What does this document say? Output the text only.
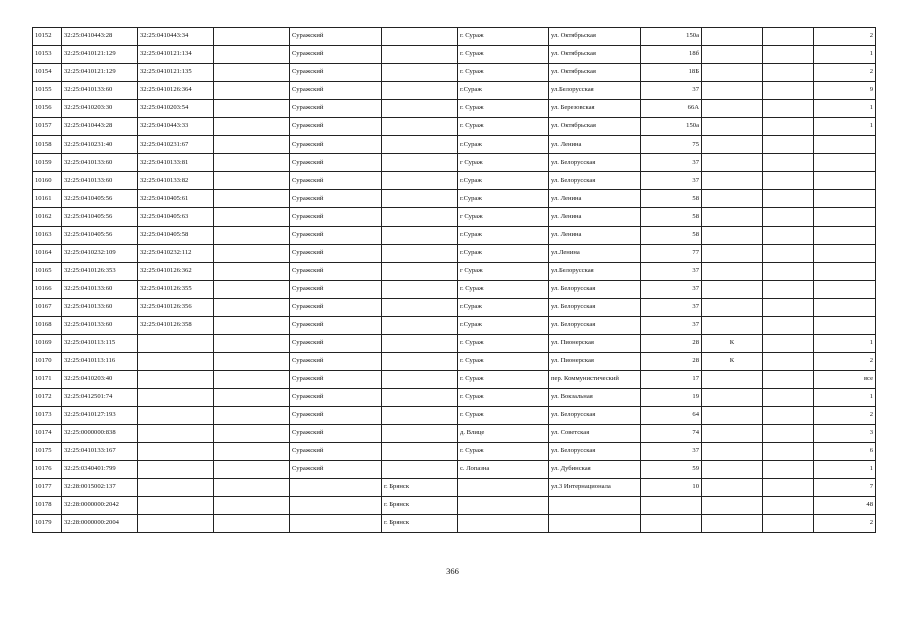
10152	32:25:0410443:28	32:25:0410443:34		Суражский		г. Сураж	ул. Октябрьская	150а			2
10153	32:25:0410121:129	32:25:0410121:134		Суражский		г. Сураж	ул. Октябрьская	18б			1
10154	32:25:0410121:129	32:25:0410121:135		Суражский		г. Сураж	ул. Октябрьская	18Б			2
10155	32:25:0410133:60	32:25:0410126:364		Суражский		г.Сураж	ул.Белорусская	37			9
10156	32:25:0410203:30	32:25:0410203:54		Суражский		г. Сураж	ул. Березовская	66А			1
10157	32:25:0410443:28	32:25:0410443:33		Суражский		г. Сураж	ул. Октябрьская	150а			1
10158	32:25:0410231:40	32:25:0410231:67		Суражский		г.Сураж	ул. Ленина	75			
10159	32:25:0410133:60	32:25:0410133:81		Суражский		г Сураж	ул. Белорусская	37			
10160	32:25:0410133:60	32:25:0410133:82		Суражский		г.Сураж	ул. Белорусская	37			
10161	32:25:0410405:56	32:25:0410405:61		Суражский		г.Сураж	ул. Ленина	58			
10162	32:25:0410405:56	32:25:0410405:63		Суражский		г Сураж	ул. Ленина	58			
10163	32:25:0410405:56	32:25:0410405:58		Суражский		г.Сураж	ул. Ленина	58			
10164	32:25:0410232:109	32:25:0410232:112		Суражский		г.Сураж	ул.Ленина	77			
10165	32:25:0410126:353	32:25:0410126:362		Суражский		г Сураж	ул.Белорусская	37			
10166	32:25:0410133:60	32:25:0410126:355		Суражский		г. Сураж	ул. Белорусская	37			
10167	32:25:0410133:60	32:25:0410126:356		Суражский		г.Сураж	ул. Белорусская	37			
10168	32:25:0410133:60	32:25:0410126:358		Суражский		г.Сураж	ул. Белорусская	37			
10169	32:25:0410113:115			Суражский		г. Сураж	ул. Пионерская	28	К		1
10170	32:25:0410113:116			Суражский		г. Сураж	ул. Пионерская	28	К		2
10171	32:25:0410203:40			Суражский		г. Сураж	пер. Коммунистический	17			все
10172	32:25:0412501:74			Суражский		г. Сураж	ул. Вокзальная	19			1
10173	32:25:0410127:193			Суражский		г. Сураж	ул. Белорусская	64			2
10174	32:25:0000000:838			Суражский		д. Влице	ул. Советская	74			3
10175	32:25:0410133:167			Суражский		г. Сураж	ул. Белорусская	37			6
10176	32:25:0340401:799			Суражский		с. Лопазна	ул. Дубинская	59			1
10177	32:28:0015002:137				г. Брянск		ул.3 Интернационала	10			7
10178	32:28:0000000:2042				г. Брянск						48
10179	32:28:0000000:2004				г. Брянск						2
366
